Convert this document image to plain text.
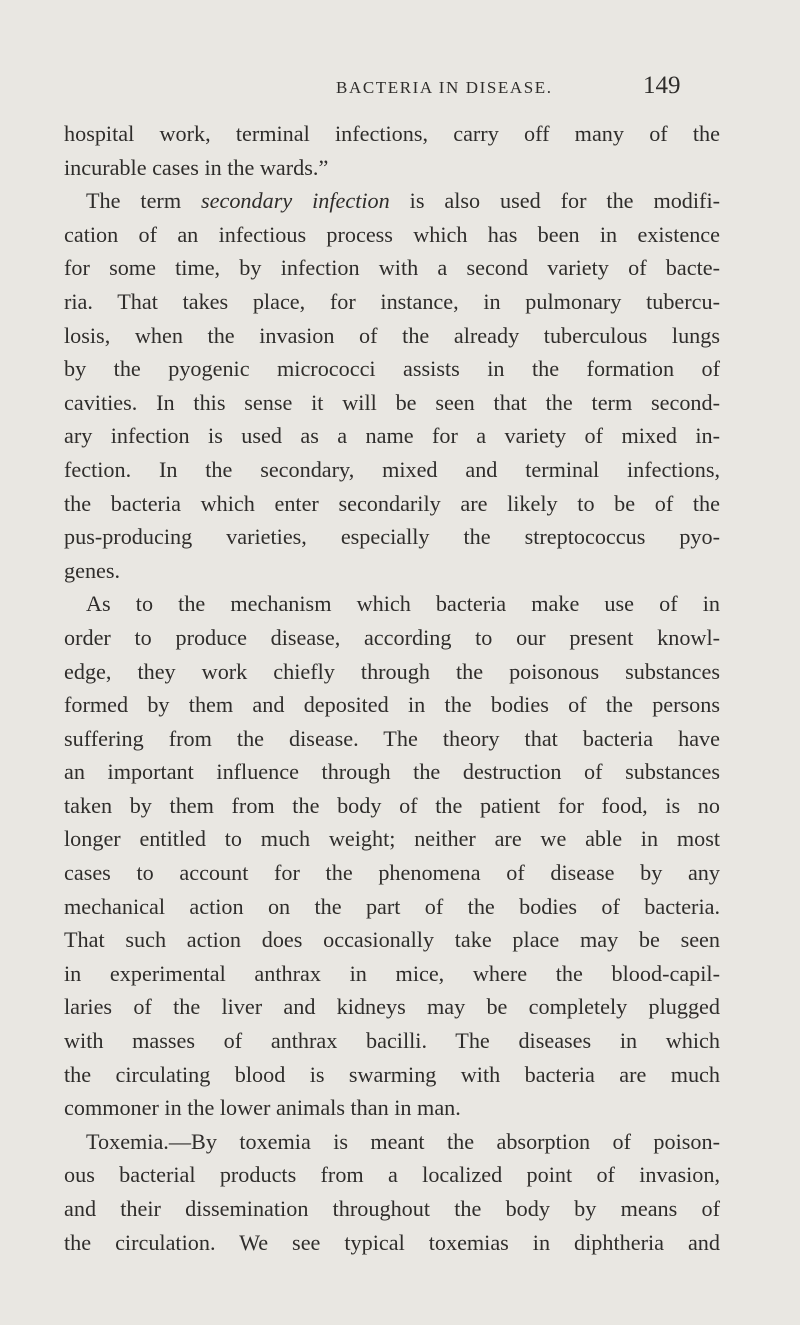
BACTERIA IN DISEASE.	149
hospital work, terminal infections, carry off many of the
incurable cases in the wards.”
The term secondary infection is also used for the modifi-
cation of an infectious process which has been in existence
for some time, by infection with a second variety of bacte-
ria. That takes place, for instance, in pulmonary tubercu-
losis, when the invasion of the already tuberculous lungs
by the pyogenic micrococci assists in the formation of
cavities. In this sense it will be seen that the term second-
ary infection is used as a name for a variety of mixed in-
fection. In the secondary, mixed and terminal infections,
the bacteria which enter secondarily are likely to be of the
pus-producing varieties, especially the streptococcus pyo-
genes.
As to the mechanism which bacteria make use of in
order to produce disease, according to our present knowl-
edge, they work chiefly through the poisonous substances
formed by them and deposited in the bodies of the persons
suffering from the disease. The theory that bacteria have
an important influence through the destruction of substances
taken by them from the body of the patient for food, is no
longer entitled to much weight; neither are we able in most
cases to account for the phenomena of disease by any
mechanical action on the part of the bodies of bacteria.
That such action does occasionally take place may be seen
in experimental anthrax in mice, where the blood-capil-
laries of the liver and kidneys may be completely plugged
with masses of anthrax bacilli. The diseases in which
the circulating blood is swarming with bacteria are much
commoner in the lower animals than in man.
Toxemia.—By toxemia is meant the absorption of poison-
ous bacterial products from a localized point of invasion,
and their dissemination throughout the body by means of
the circulation. We see typical toxemias in diphtheria and
